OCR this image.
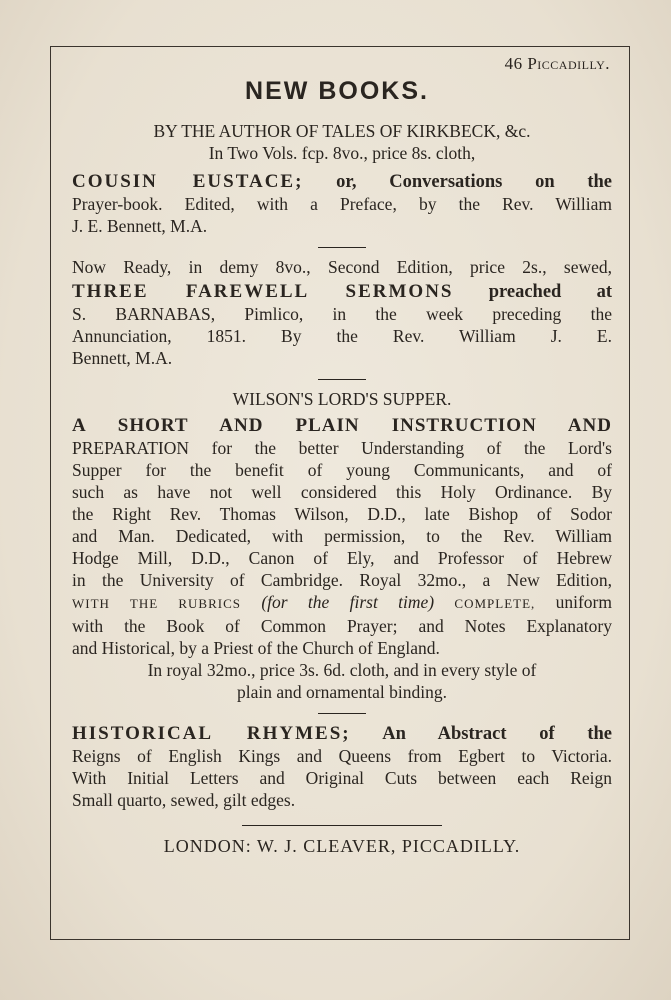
46 Piccadilly.
NEW BOOKS.

BY THE AUTHOR OF TALES OF KIRKBECK, &c.

In Two Vols. fcp. 8vo., price 8s. cloth,

COUSIN EUSTACE; or, Conversations on the

Prayer-book. Edited, with a Preface, by the Rev. William

J. E. Bennett, M.A.

Now Ready, in demy 8vo., Second Edition, price 2s., sewed,

THREE FAREWELL SERMONS preached at

S. BARNABAS, Pimlico, in the week preceding the

Annunciation, 1851. By the Rev. William J. E.

Bennett, M.A.

WILSON'S LORD'S SUPPER.

A SHORT AND PLAIN INSTRUCTION AND

PREPARATION for the better Understanding of the Lord's

Supper for the benefit of young Communicants, and of

such as have not well considered this Holy Ordinance. By

the Right Rev. Thomas Wilson, D.D., late Bishop of Sodor

and Man. Dedicated, with permission, to the Rev. William

Hodge Mill, D.D., Canon of Ely, and Professor of Hebrew

in the University of Cambridge. Royal 32mo., a New Edition,

WITH THE RUBRICS (for the first time) COMPLETE, uniform

with the Book of Common Prayer; and Notes Explanatory

and Historical, by a Priest of the Church of England.

In royal 32mo., price 3s. 6d. cloth, and in every style of

plain and ornamental binding.

HISTORICAL RHYMES; An Abstract of the

Reigns of English Kings and Queens from Egbert to Victoria.

With Initial Letters and Original Cuts between each Reign

Small quarto, sewed, gilt edges.

LONDON: W. J. CLEAVER, PICCADILLY.
